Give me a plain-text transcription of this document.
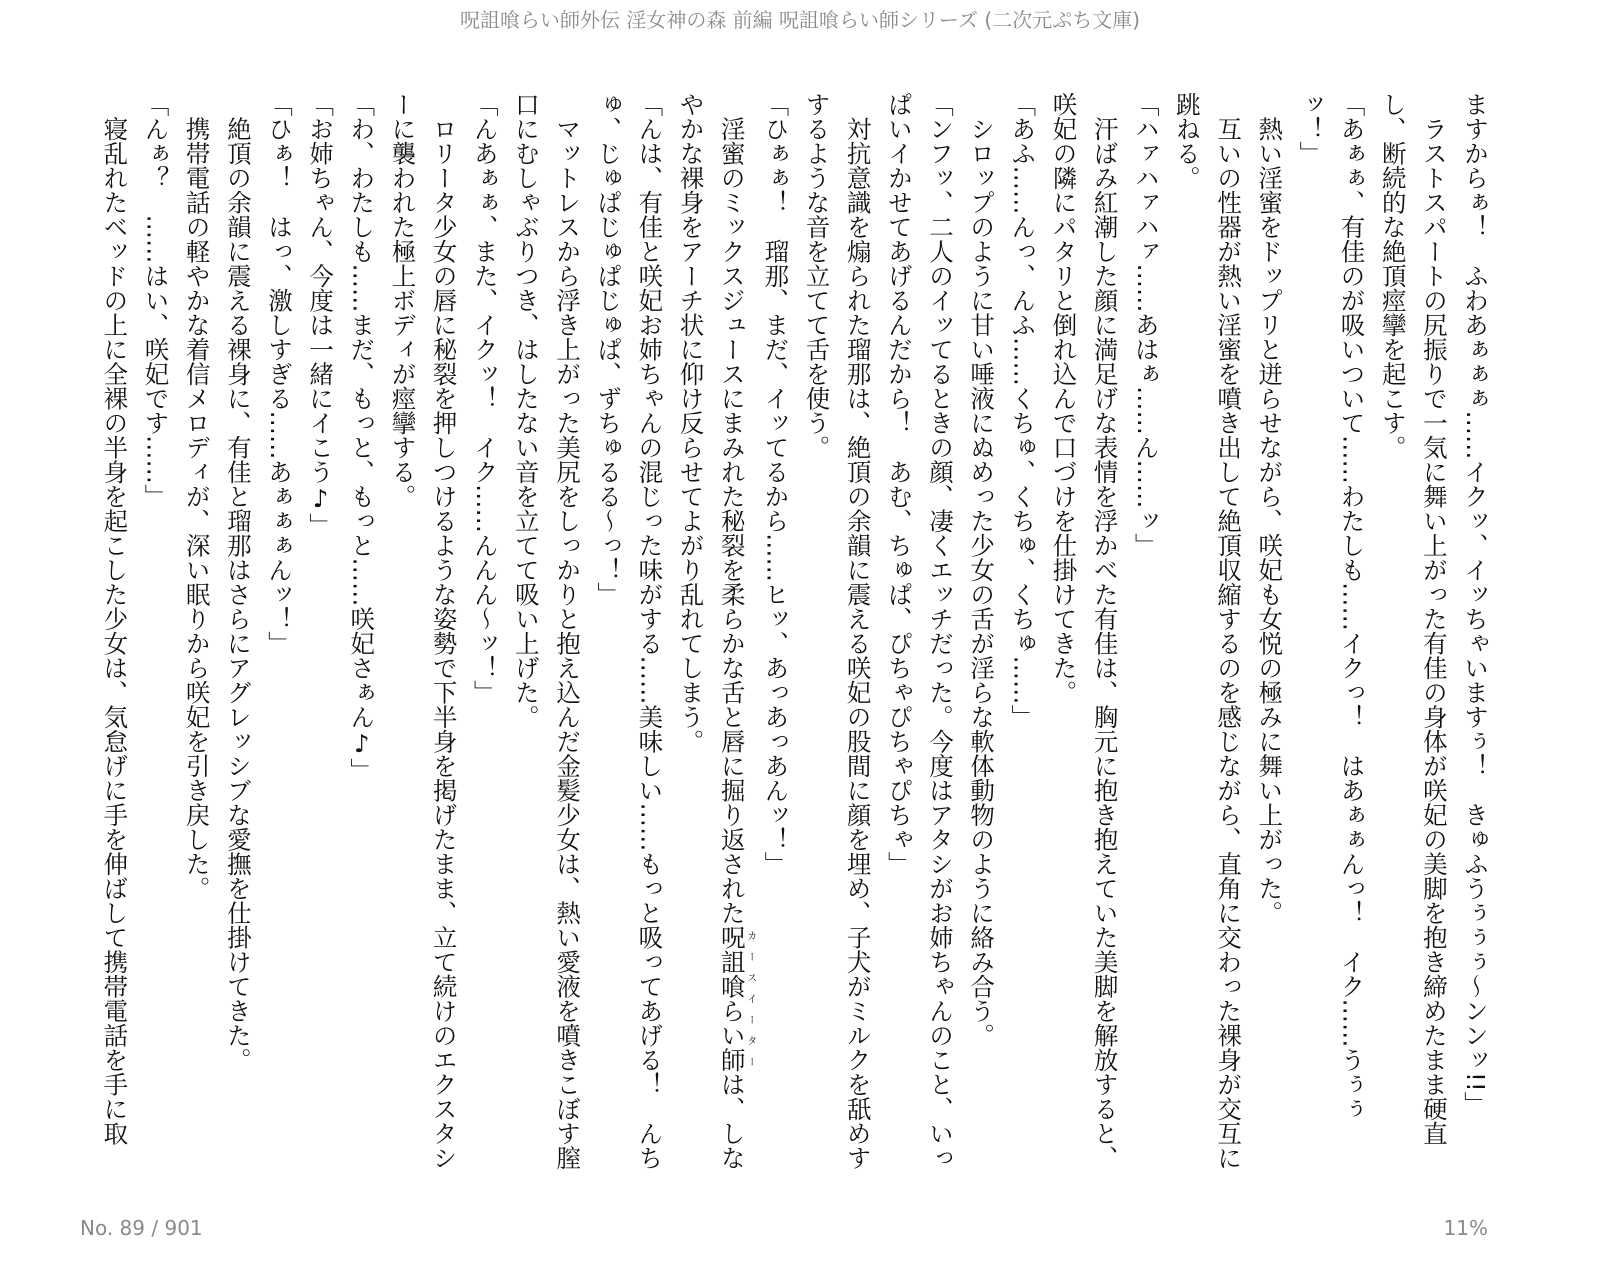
呪詛喰らい師外伝 淫女神の森 前編 呪詛喰らい師シリーズ (二次元ぷち文庫)
ますからぁ！　ふわあぁぁぁ……イクッ、イッちゃいますぅ！　きゅふうぅぅぅ～ンンッ!!」
　ラストスパートの尻振りで一気に舞い上がった有佳の身体が咲妃の美脚を抱き締めたまま硬直
し、断続的な絶頂痙攣を起こす。
「あぁぁ、有佳のが吸いついて……わたしも……イクっ！　はあぁぁんっ！　イク……うぅぅ
ッ！」
　熱い淫蜜をドップリと迸らせながら、咲妃も女悦の極みに舞い上がった。
　互いの性器が熱い淫蜜を噴き出して絶頂収縮するのを感じながら、直角に交わった裸身が交互に
跳ねる。
「ハァハァハァ……あはぁ……ん……ッ」
　汗ばみ紅潮した顔に満足げな表情を浮かべた有佳は、胸元に抱き抱えていた美脚を解放すると、
咲妃の隣にパタリと倒れ込んで口づけを仕掛けてきた。
「あふ……んっ、んふ……くちゅ、くちゅ、くちゅ……」
　シロップのように甘い唾液にぬめった少女の舌が淫らな軟体動物のように絡み合う。
「ンフッ、二人のイッてるときの顔、凄くエッチだった。今度はアタシがお姉ちゃんのこと、いっ
ぱいイかせてあげるんだから！　あむ、ちゅぱ、ぴちゃぴちゃぴちゃ」
　対抗意識を煽られた瑠那は、絶頂の余韻に震える咲妃の股間に顔を埋め、子犬がミルクを舐めす
するような音を立てて舌を使う。
「ひぁぁ！　瑠那、まだ、イッてるから……ヒッ、あっあっあんッ！」
　淫蜜のミックスジュースにまみれた秘裂を柔らかな舌と唇に掘り返された呪詛喰らい師カースイーターは、しな
やかな裸身をアーチ状に仰け反らせてよがり乱れてしまう。
「んは、有佳と咲妃お姉ちゃんの混じった味がする……美味しい……もっと吸ってあげる！　んち
ゅ、じゅぱじゅぱじゅぱ、ずちゅるる～っ！」
　マットレスから浮き上がった美尻をしっかりと抱え込んだ金髪少女は、熱い愛液を噴きこぼす膣
口にむしゃぶりつき、はしたない音を立てて吸い上げた。
「んあぁぁ、また、イクッ！　イク……んんん～ッ！」
　ロリータ少女の唇に秘裂を押しつけるような姿勢で下半身を掲げたまま、立て続けのエクスタシ
ーに襲われた極上ボディが痙攣する。
「わ、わたしも……まだ、もっと、もっと……咲妃さぁん♪」
「お姉ちゃん、今度は一緒にイこう♪」
「ひぁ！　はっ、激しすぎる……あぁぁぁんッ！」
　絶頂の余韻に震える裸身に、有佳と瑠那はさらにアグレッシブな愛撫を仕掛けてきた。
　携帯電話の軽やかな着信メロディが、深い眠りから咲妃を引き戻した。
「んぁ？　……はい、咲妃です……」
　寝乱れたベッドの上に全裸の半身を起こした少女は、気怠げに手を伸ばして携帯電話を手に取
No. 89 / 901	11%
